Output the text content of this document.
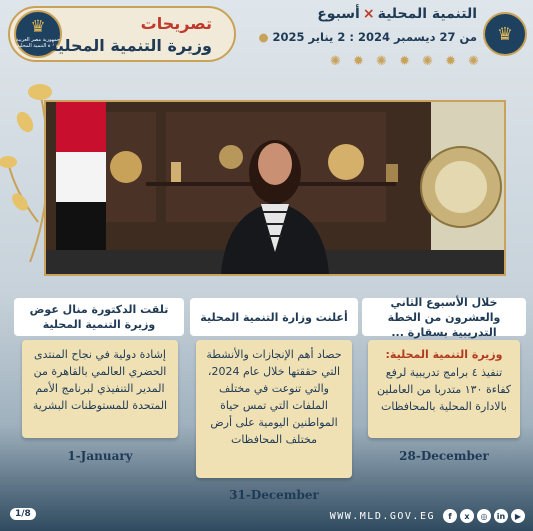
♛
جمهورية مصر العربية وزارة التنمية المحلية
تصريحات
وزيرة التنمية المحلية
التنمية المحلية×أسبوع
من 27 ديسمبر 2024 : 2 يناير 2025 ●	♛
✺ ✹ ✺ ✹ ✺ ✹ ✺
خلال الأسبوع الثاني والعشرون من الخطة التدريبية بسقارة ...
وزيرة التنمية المحلية:
تنفيذ ٤ برامج تدريبية لرفع كفاءة ١٣٠ متدربا من العاملين بالادارة المحلية بالمحافظات
28-December
أعلنت وزارة التنمية المحلية
حصاد أهم الإنجازات والأنشطة التي حققتها خلال عام 2024، والتي تنوعت في مختلف الملفات التي تمس حياة المواطنين اليومية على أرض مختلف المحافظات
31-December
تلقت الدكتورة منال عوض وزيرة التنمية المحلية
إشادة دولية في نجاح المنتدى الحضري العالمي بالقاهرة من المدير التنفيذي لبرنامج الأمم المتحدة للمستوطنات البشرية
1-January
1/8	WWW.MLD.GOV.EG	f	x	◎	in	▶
